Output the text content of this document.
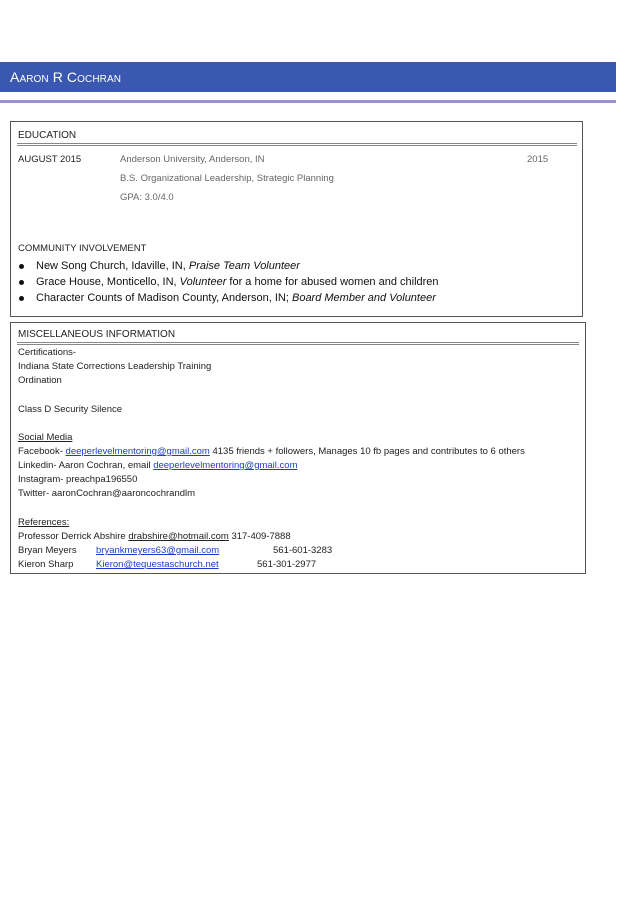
Aaron R Cochran
EDUCATION
AUGUST 2015	Anderson University, Anderson, IN	2015
B.S. Organizational Leadership, Strategic Planning
GPA: 3.0/4.0
COMMUNITY INVOLVEMENT
New Song Church, Idaville, IN, Praise Team Volunteer
Grace House, Monticello, IN, Volunteer for a home for abused women and children
Character Counts of Madison County, Anderson, IN; Board Member and Volunteer
MISCELLANEOUS INFORMATION
Certifications-
Indiana State Corrections Leadership Training
Ordination
Class D Security Silence
Social Media
Facebook- deeperlevelmentoring@gmail.com 4135 friends + followers, Manages 10 fb pages and contributes to 6 others
Linkedin- Aaron Cochran, email deeperlevelmentoring@gmail.com
Instagram- preachpa196550
Twitter- aaronCochran@aaroncochrandlm
References:
Professor Derrick Abshire drabshire@hotmail.com 317-409-7888
Bryan Meyers bryankmeyers63@gmail.com	561-601-3283
Kieron Sharp Kieron@tequestaschurch.net	561-301-2977
